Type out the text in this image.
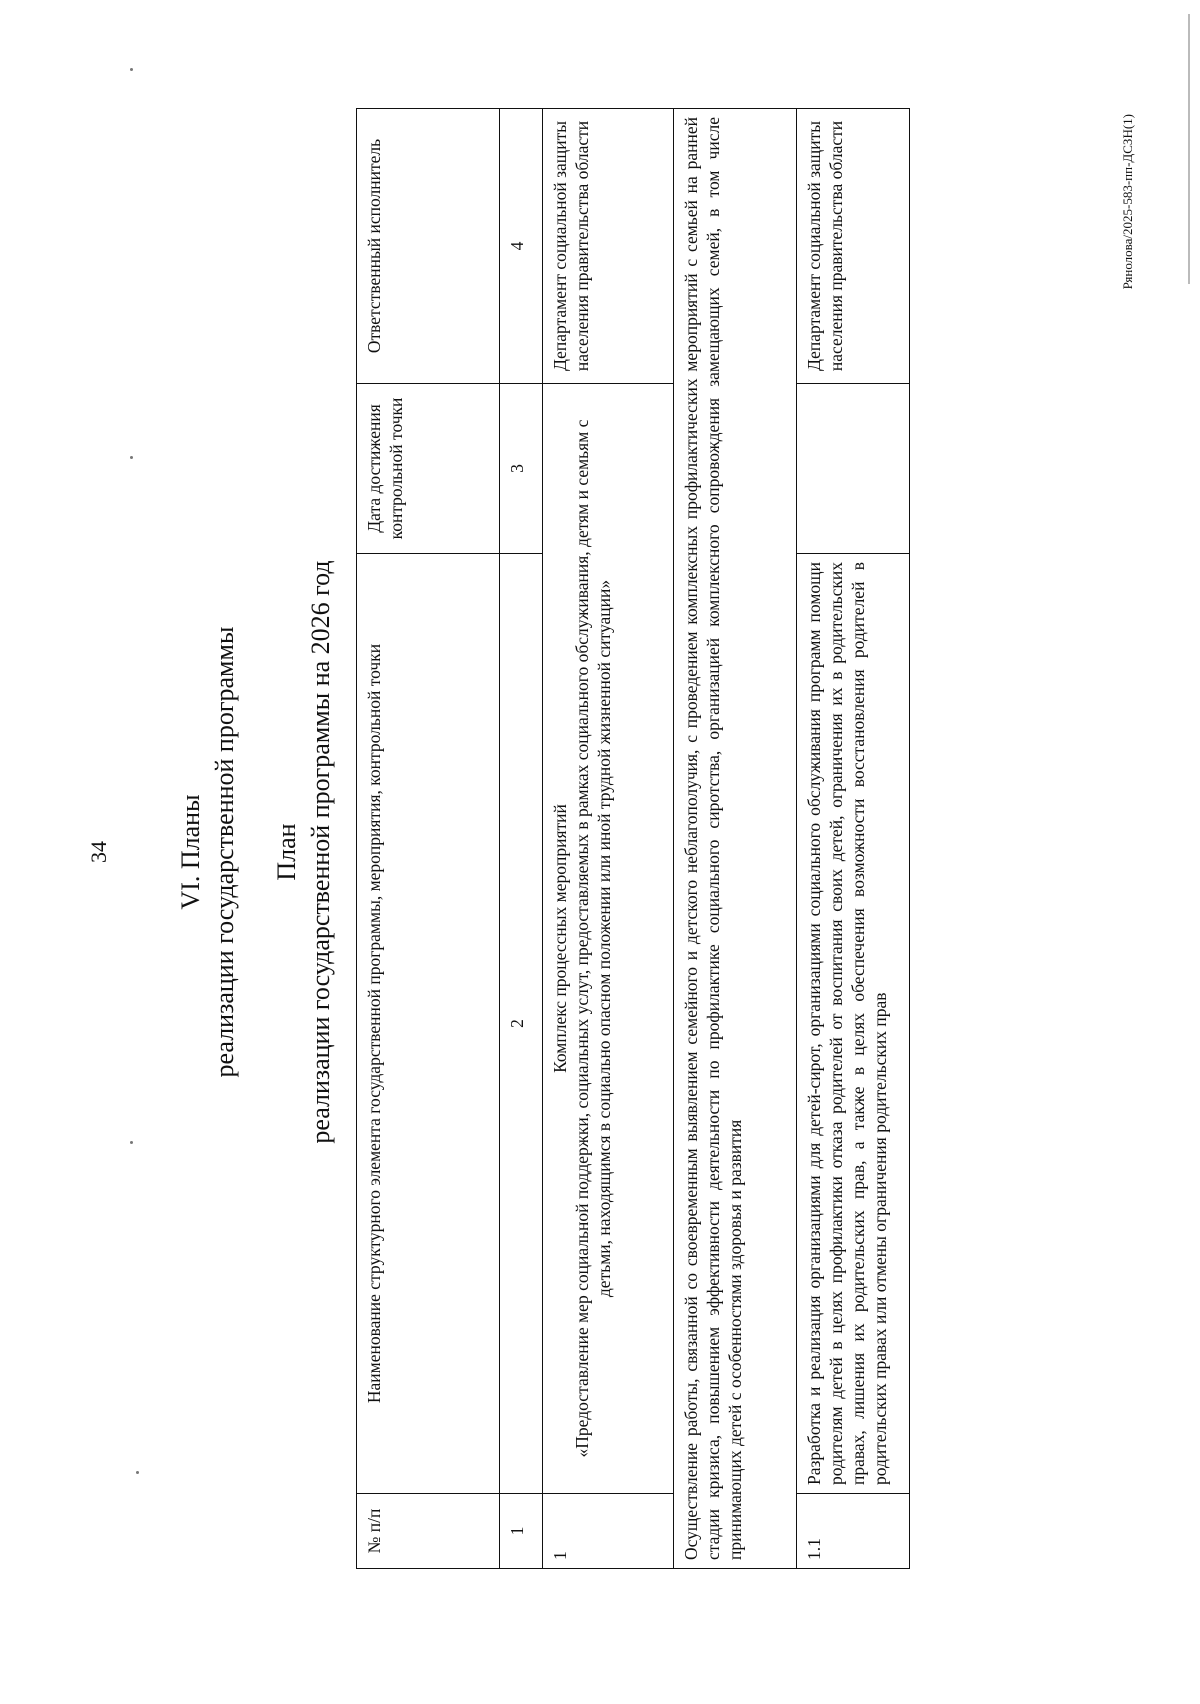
34	VI. Планы реализации государственной программы План реализации государственной программы на 2026 год
№ п/п	Наименование структурного элемента государственной программы, мероприятия, контрольной точки	Дата достижения контрольной точки	Ответственный исполнитель
1	2	3	4
1	Комплекс процессных мероприятий «Предоставление мер социальной поддержки, социальных услут, предоставляемых в рамках социального обслуживания, детям и семьям с детьми, находящимся в социально опасном положении или иной трудной жизненной ситуации»		Департамент социальной защиты населения правительства области
Осуществление работы, связанной со своевременным выявлением семейного и детского неблагополучия, с проведением комплексных профилактических мероприятий с семьей на ранней стадии кризиса, повышением эффективности деятельности по профилактике социального сиротства, организацией комплексного сопровождения замещающих семей, в том числе принимающих детей с особенностями здоровья и развития			
1.1	Разработка и реализация организациями для детей-сирот, организациями социального обслуживания программ помощи родителям детей в целях профилактики отказа родителей от воспитания своих детей, ограничения их в родительских правах, лишения их родительских прав, а также в целях обеспечения возможности восстановления родителей в родительских правах или отмены ограничения родительских прав		Департамент социальной защиты населения правительства области	Рянолова/2025-583-пп-ДСЗН(1)
